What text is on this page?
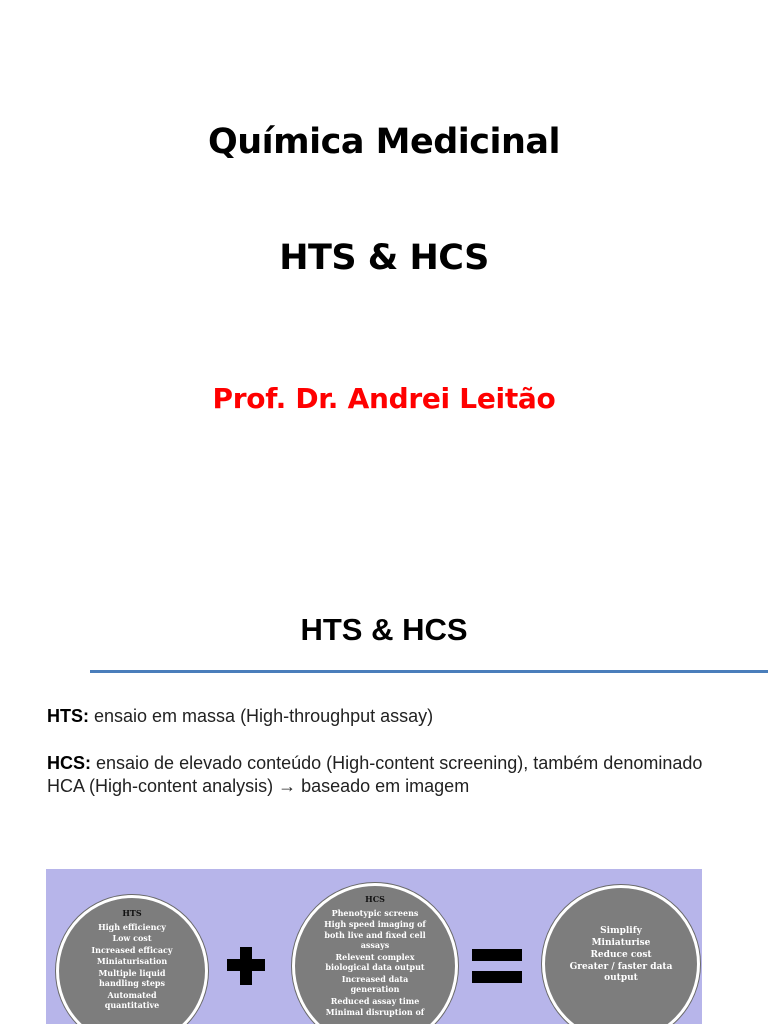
Química Medicinal
HTS & HCS
Prof. Dr. Andrei Leitão
HTS & HCS
HTS: ensaio em massa (High-throughput assay)
HCS: ensaio de elevado conteúdo (High-content screening), também denominado HCA (High-content analysis) → baseado em imagem
HTS
High efficiency
Low cost
Increased efficacy
Miniaturisation
Multiple liquid handling steps
Automated quantitative
HCS
Phenotypic screens
High speed imaging of both live and fixed cell assays
Relevent complex biological data output
Increased data generation
Reduced assay time
Minimal disruption of
Simplify
Miniaturise
Reduce cost
Greater / faster data output
